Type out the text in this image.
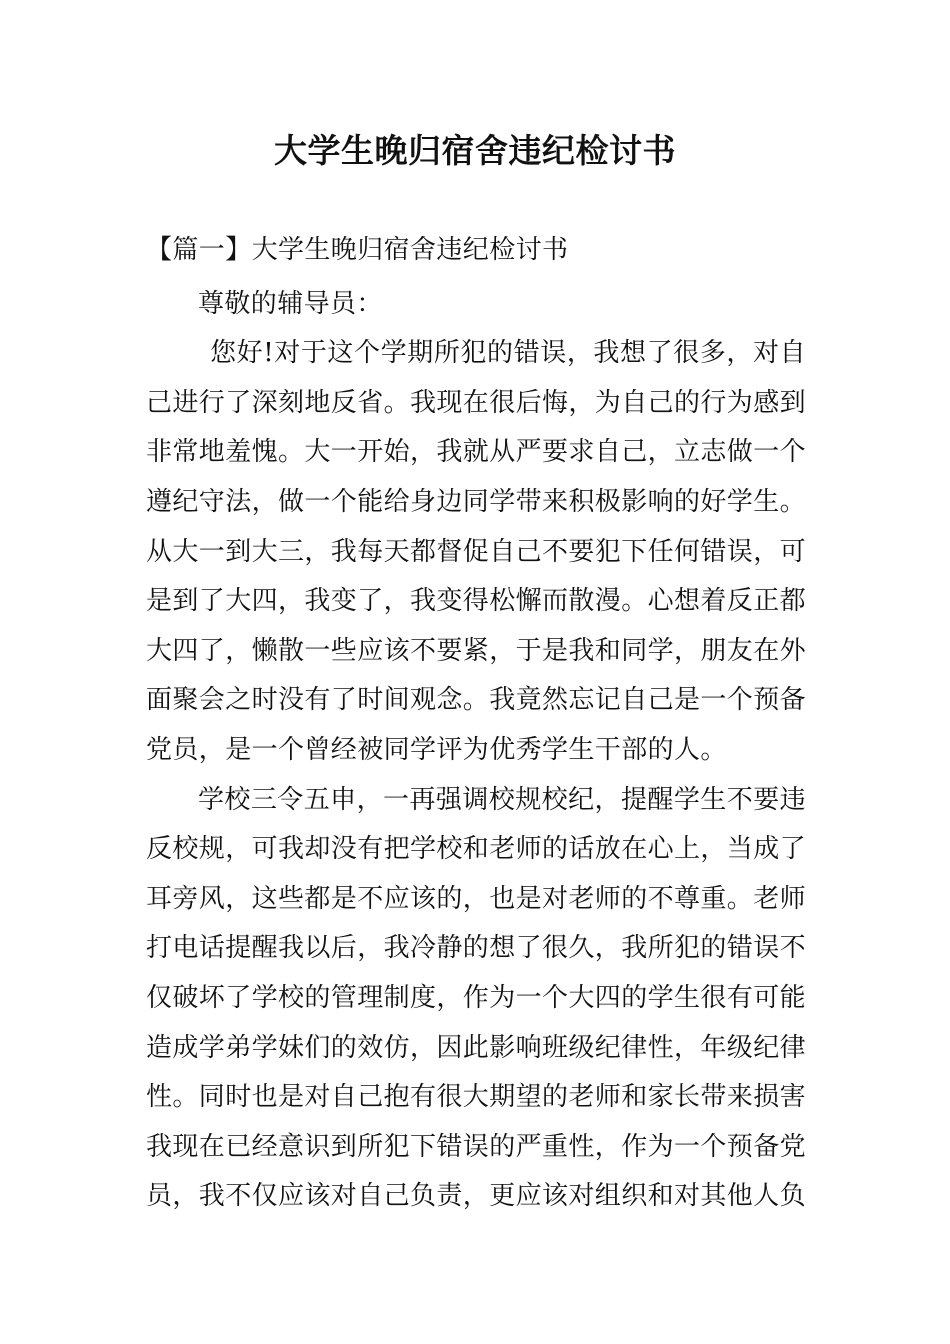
大学生晚归宿舍违纪检讨书

【篇一】大学生晚归宿舍违纪检讨书

尊敬的辅导员：

您好!对于这个学期所犯的错误，我想了很多，对自己进行了深刻地反省。我现在很后悔，为自己的行为感到非常地羞愧。大一开始，我就从严要求自己，立志做一个遵纪守法，做一个能给身边同学带来积极影响的好学生。从大一到大三，我每天都督促自己不要犯下任何错误，可是到了大四，我变了，我变得松懈而散漫。心想着反正都大四了，懒散一些应该不要紧，于是我和同学，朋友在外面聚会之时没有了时间观念。我竟然忘记自己是一个预备党员，是一个曾经被同学评为优秀学生干部的人。

学校三令五申，一再强调校规校纪，提醒学生不要违反校规，可我却没有把学校和老师的话放在心上，当成了耳旁风，这些都是不应该的，也是对老师的不尊重。老师打电话提醒我以后，我冷静的想了很久，我所犯的错误不仅破坏了学校的管理制度，作为一个大四的学生很有可能造成学弟学妹们的效仿，因此影响班级纪律性，年级纪律性。同时也是对自己抱有很大期望的老师和家长带来损害我现在已经意识到所犯下错误的严重性，作为一个预备党员，我不仅应该对自己负责，更应该对组织和对其他人负
